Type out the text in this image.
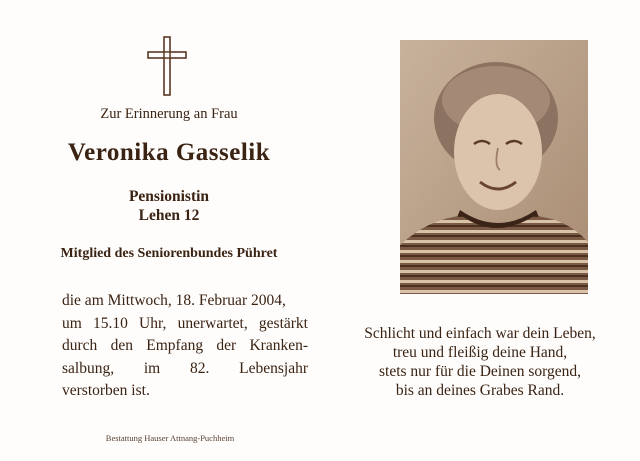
Zur Erinnerung an Frau
Veronika Gasselik
Pensionistin
Lehen 12
Mitglied des Seniorenbundes Pühret
die am Mittwoch, 18. Februar 2004,
um 15.10 Uhr, unerwartet, gestärkt
durch den Empfang der Kranken-
salbung, im 82. Lebensjahr
verstorben ist.
Bestattung Hauser Attnang-Puchheim
Schlicht und einfach war dein Leben,
treu und fleißig deine Hand,
stets nur für die Deinen sorgend,
bis an deines Grabes Rand.
